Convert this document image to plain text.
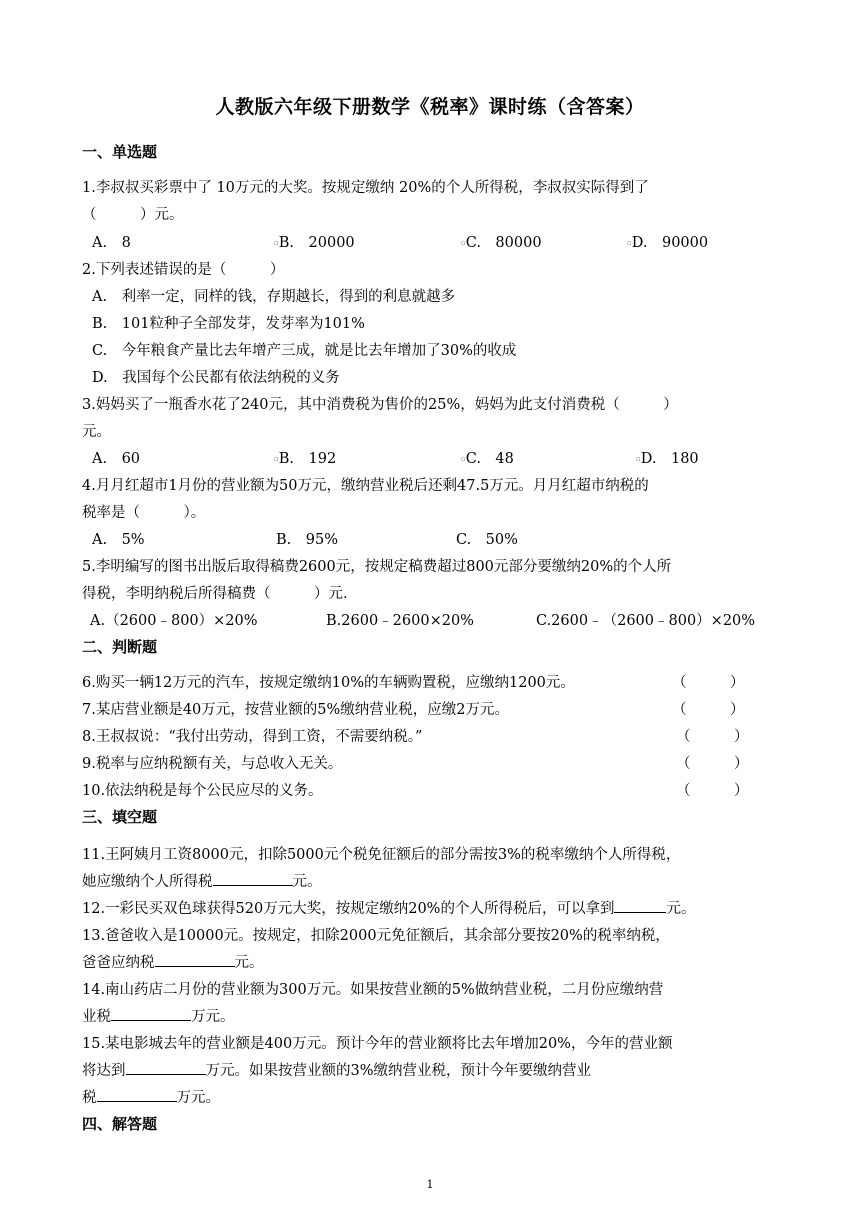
人教版六年级下册数学《税率》课时练（含答案）
一、单选题
1.李叔叔买彩票中了 10万元的大奖。按规定缴纳 20%的个人所得税，李叔叔实际得到了
（　　　）元。
A.　8	▫B.　20000	▫C.　80000	▫D.　90000
2.下列表述错误的是（　　　）
A.　利率一定，同样的钱，存期越长，得到的利息就越多
B.　101粒种子全部发芽，发芽率为101%
C.　今年粮食产量比去年增产三成，就是比去年增加了30%的收成
D.　我国每个公民都有依法纳税的义务
3.妈妈买了一瓶香水花了240元，其中消费税为售价的25%，妈妈为此支付消费税（　　　）
元。
A.　60	▫B.　192	▫C.　48	▫D.　180
4.月月红超市1月份的营业额为50万元，缴纳营业税后还剩47.5万元。月月红超市纳税的
税率是（　　　）。
A.　5%	B.　95%	C.　50%
5.李明编写的图书出版后取得稿费2600元，按规定稿费超过800元部分要缴纳20%的个人所
得税，李明纳税后所得稿费（　　　）元．
A.（2600﹣800）×20%	B.2600﹣2600×20%	C.2600﹣（2600﹣800）×20%
二、判断题
6.购买一辆12万元的汽车，按规定缴纳10%的车辆购置税，应缴纳1200元。	（　　　）
7.某店营业额是40万元，按营业额的5%缴纳营业税，应缴2万元。	（　　　）
8.王叔叔说：“我付出劳动，得到工资，不需要纳税。”	（　　　）
9.税率与应纳税额有关，与总收入无关。	（　　　）
10.依法纳税是每个公民应尽的义务。	（　　　）
三、填空题
11.王阿姨月工资8000元，扣除5000元个税免征额后的部分需按3%的税率缴纳个人所得税，
她应缴纳个人所得税	元。
12.一彩民买双色球获得520万元大奖，按规定缴纳20%的个人所得税后，可以拿到	元。
13.爸爸收入是10000元。按规定，扣除2000元免征额后，其余部分要按20%的税率纳税，
爸爸应纳税	元。
14.南山药店二月份的营业额为300万元。如果按营业额的5%做纳营业税，二月份应缴纳营
业税	万元。
15.某电影城去年的营业额是400万元。预计今年的营业额将比去年增加20%，今年的营业额
将达到	万元。如果按营业额的3%缴纳营业税，预计今年要缴纳营业
税	万元。
四、解答题
1
